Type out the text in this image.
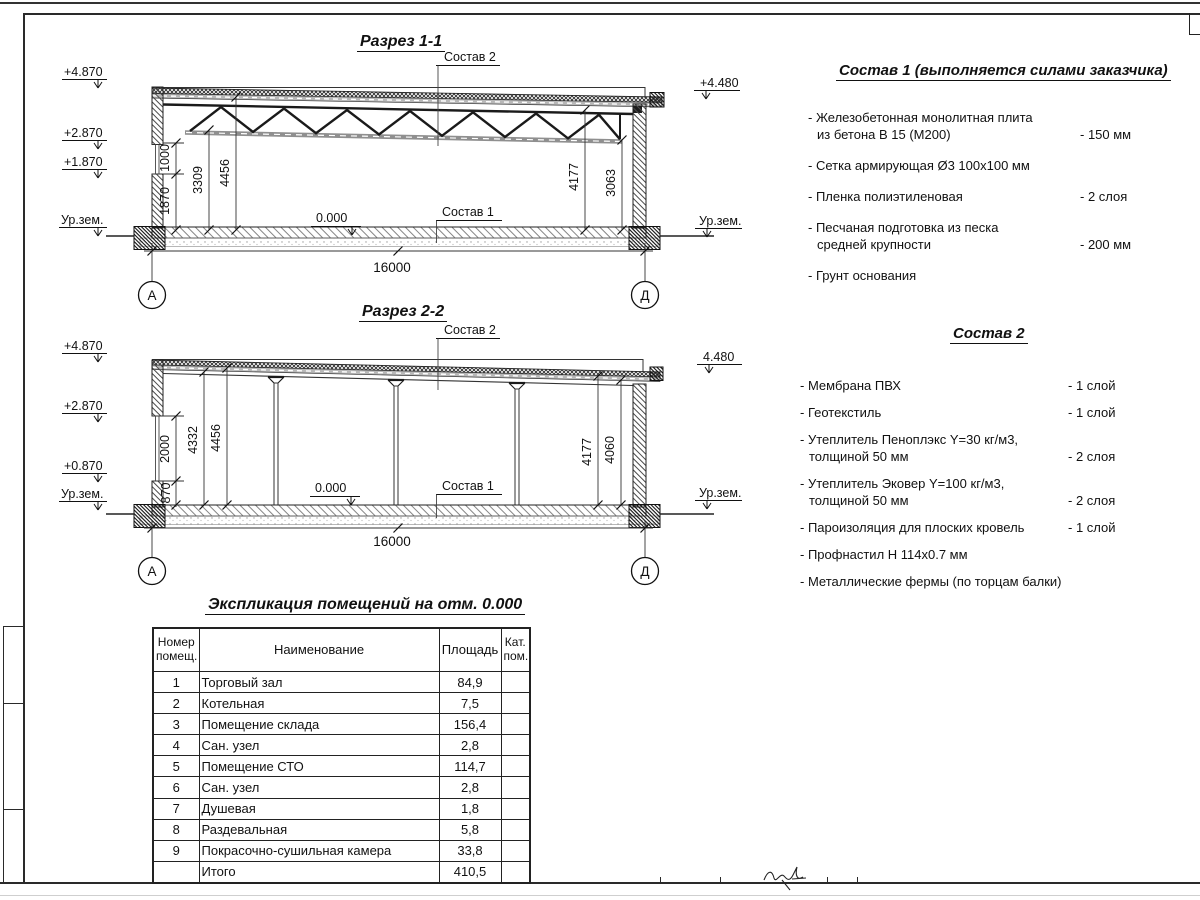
Разрез 1-1
Разрез 2-2
Состав 1 (выполняется силами заказчика)
Состав 2
Экспликация помещений на отм. 0.000
1000
1870
3309 4456	4177 3063
16000
+4.870
+2.870
+1.870
Ур.зем.
+4.480
Ур.зем.
0.000	Состав 1
Состав 2
А	Д
2000
870
4332 4456
4177 4060
16000
+4.870
+2.870
+0.870
Ур.зем.
4.480
Ур.зем.
0.000	Состав 1
Состав 2
А	Д
- Железобетонная монолитная плита
из бетона В 15 (М200)	- 150 мм
- Сетка армирующая Ø3 100х100 мм
- Пленка полиэтиленовая	- 2 слоя
- Песчаная подготовка из песка
средней крупности	- 200 мм
- Грунт основания
- Мембрана ПВХ	- 1 слой
- Геотекстиль	- 1 слой
- Утеплитель Пеноплэкс Y=30 кг/м3,
толщиной 50 мм	- 2 слоя
- Утеплитель Эковер Y=100 кг/м3,
толщиной 50 мм	- 2 слоя
- Пароизоляция для плоских кровель	- 1 слой
- Профнастил Н 114х0.7 мм
- Металлические фермы (по торцам балки)
Номер
помещ.	Наименование	Площадь	Кат.
пом.

1	Торговый зал	84,9	
2	Котельная	7,5	
3	Помещение склада	156,4	
4	Сан. узел	2,8	
5	Помещение СТО	114,7	
6	Сан. узел	2,8	
7	Душевая	1,8	
8	Раздевальная	5,8	
9	Покрасочно-сушильная камера	33,8	
	Итого	410,5	
